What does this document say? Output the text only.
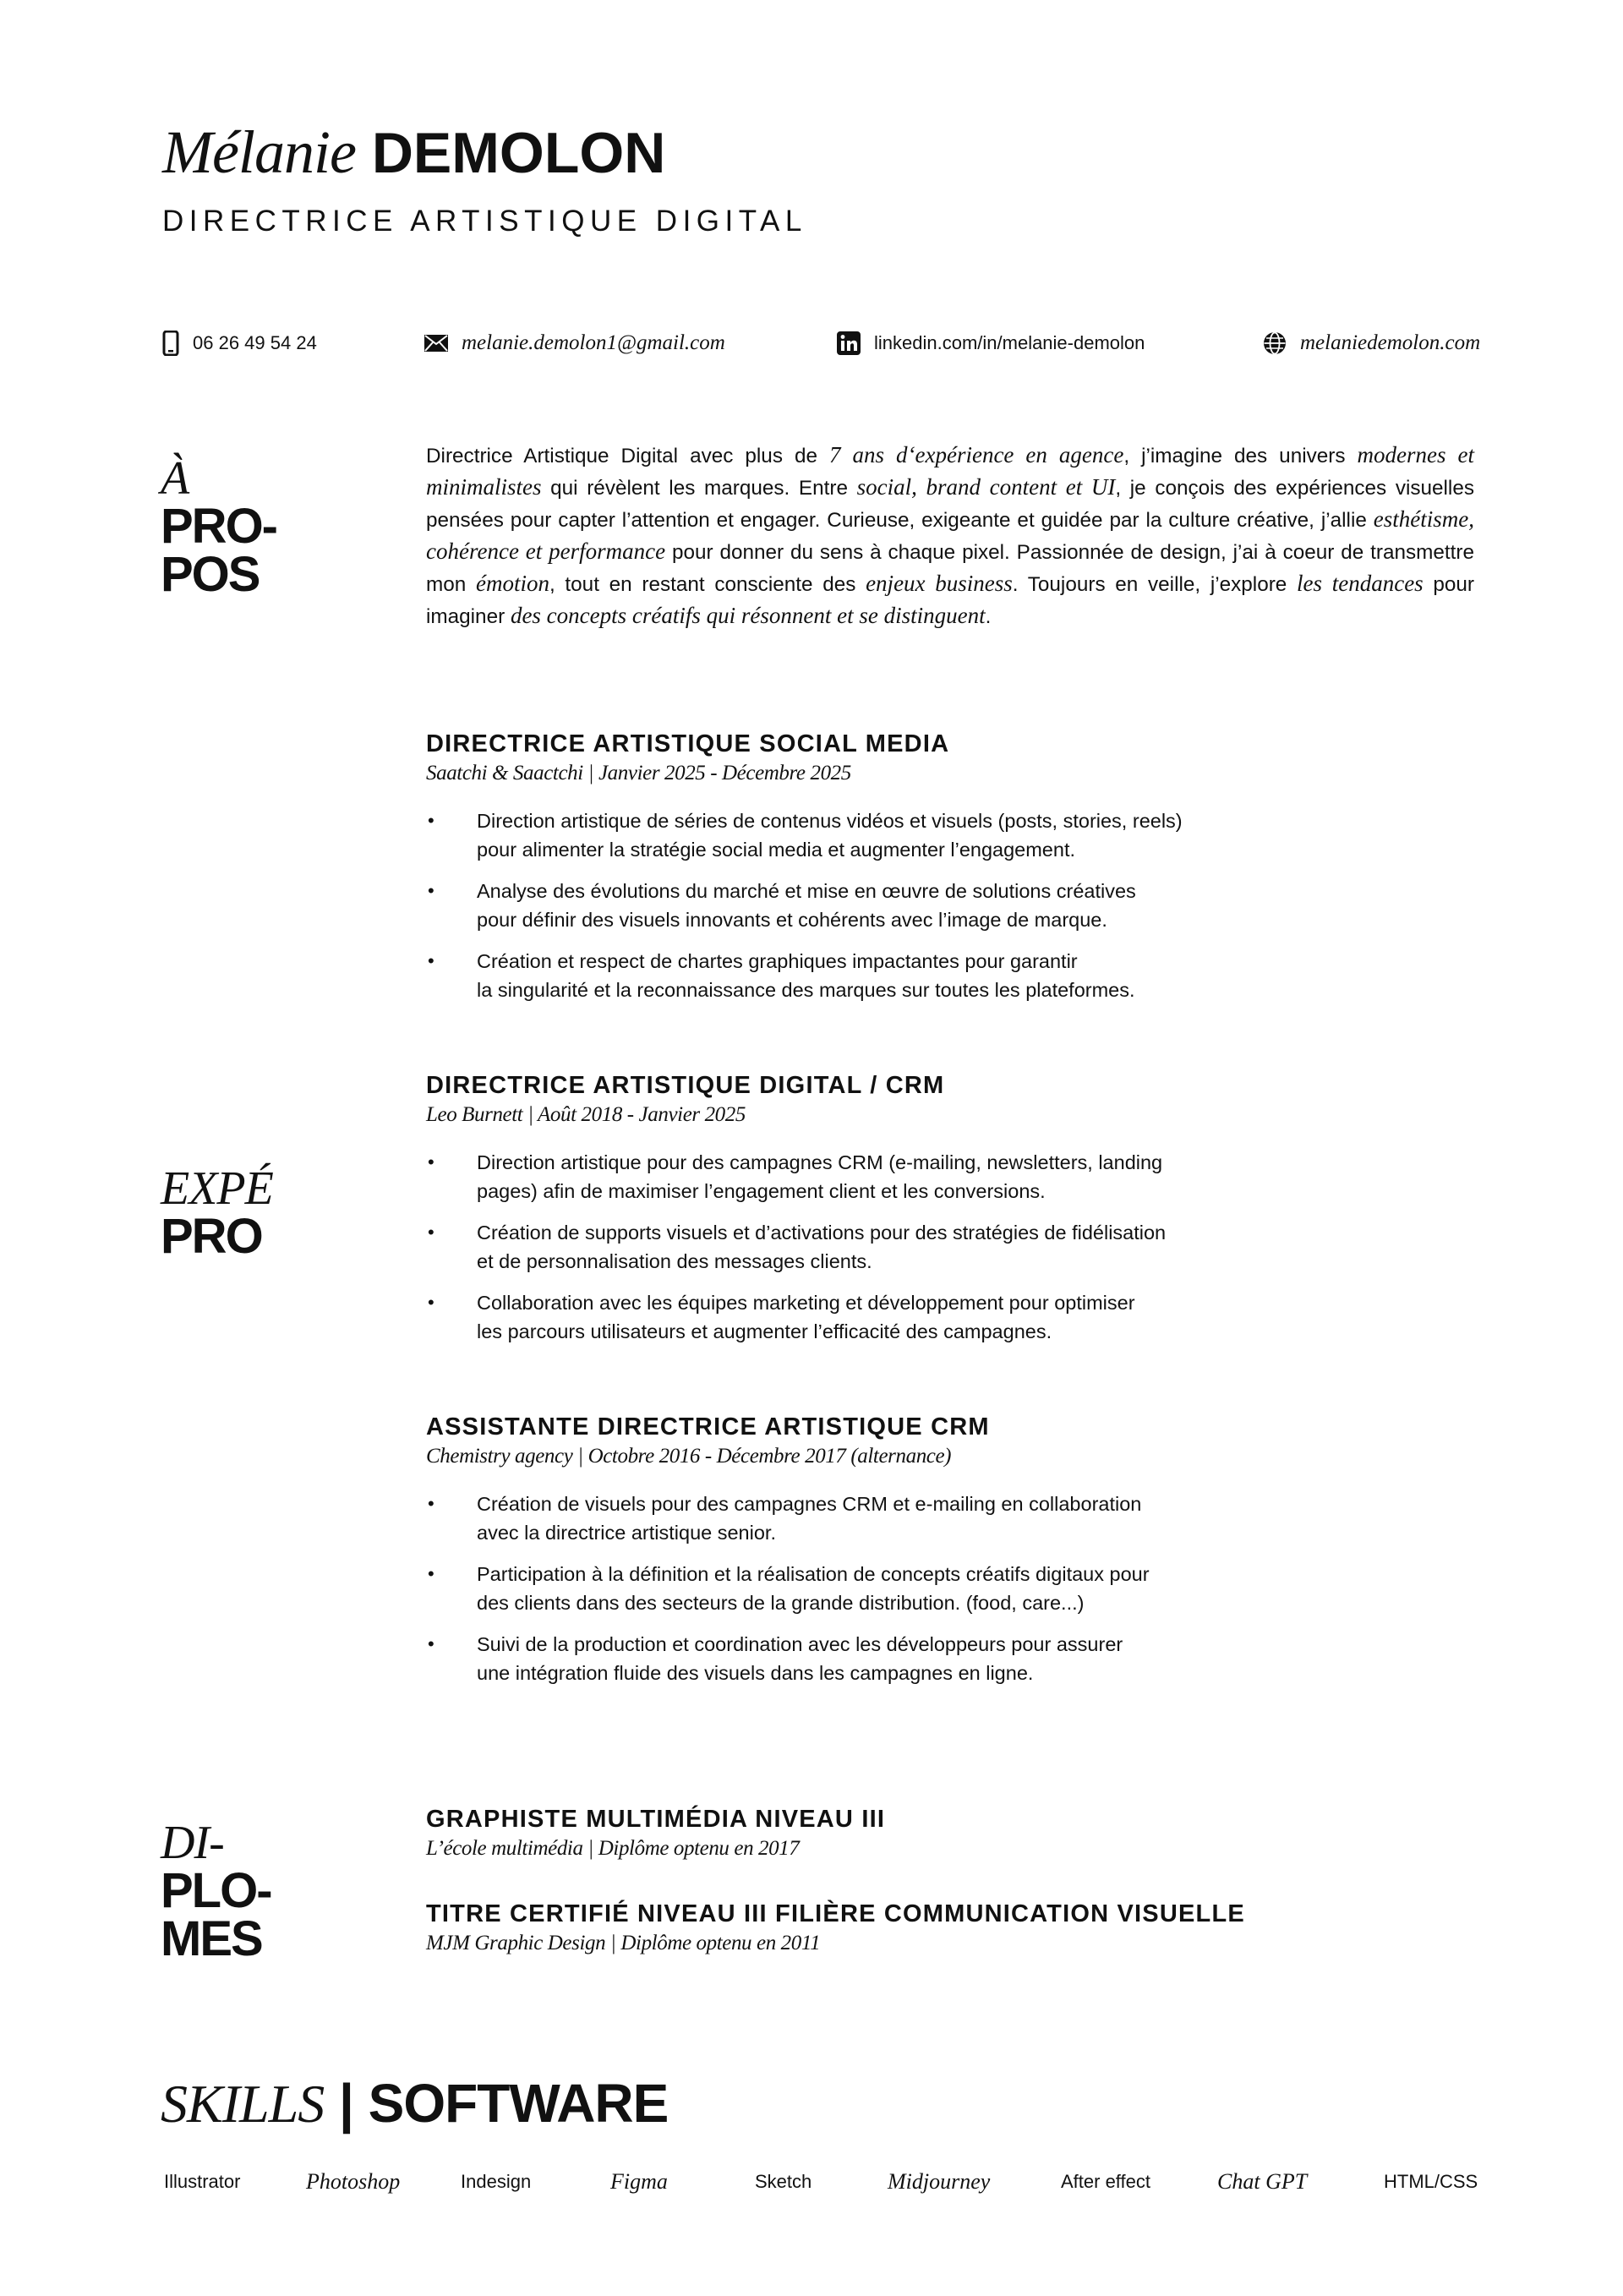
Mélanie DEMOLON
DIRECTRICE ARTISTIQUE DIGITAL
06 26 49 54 24	melanie.demolon1@gmail.com	linkedin.com/in/melanie-demolon	melaniedemolon.com
À
PRO-
POS
Directrice Artistique Digital avec plus de 7 ans d‘expérience en agence, j’imagine des univers modernes et minimalistes qui révèlent les marques. Entre social, brand content et UI, je conçois des expériences visuelles pensées pour capter l’attention et engager. Curieuse, exigeante et guidée par la culture créative, j’allie esthétisme, cohérence et performance pour donner du sens à chaque pixel. Passionnée de design, j’ai à coeur de transmettre mon émotion, tout en restant consciente des enjeux business. Toujours en veille, j’explore les tendances pour imaginer des concepts créatifs qui résonnent et se distinguent.
EXPÉ
PRO
DIRECTRICE ARTISTIQUE SOCIAL MEDIA
Saatchi & Saactchi | Janvier 2025 - Décembre 2025
• Direction artistique de séries de contenus vidéos et visuels (posts, stories, reels)
pour alimenter la stratégie social media et augmenter l’engagement.
• Analyse des évolutions du marché et mise en œuvre de solutions créatives
pour définir des visuels innovants et cohérents avec l’image de marque.
• Création et respect de chartes graphiques impactantes pour garantir
la singularité et la reconnaissance des marques sur toutes les plateformes.
DIRECTRICE ARTISTIQUE DIGITAL / CRM
Leo Burnett | Août 2018 - Janvier 2025
• Direction artistique pour des campagnes CRM (e-mailing, newsletters, landing
pages) afin de maximiser l’engagement client et les conversions.
• Création de supports visuels et d’activations pour des stratégies de fidélisation
et de personnalisation des messages clients.
• Collaboration avec les équipes marketing et développement pour optimiser
les parcours utilisateurs et augmenter l’efficacité des campagnes.
ASSISTANTE DIRECTRICE ARTISTIQUE CRM
Chemistry agency | Octobre 2016 - Décembre 2017 (alternance)
• Création de visuels pour des campagnes CRM et e-mailing en collaboration
avec la directrice artistique senior.
• Participation à la définition et la réalisation de concepts créatifs digitaux pour
des clients dans des secteurs de la grande distribution. (food, care...)
• Suivi de la production et coordination avec les développeurs pour assurer
une intégration fluide des visuels dans les campagnes en ligne.
DI-
PLO-
MES
GRAPHISTE MULTIMÉDIA NIVEAU III
L’école multimédia | Diplôme optenu en 2017
TITRE CERTIFIÉ NIVEAU III FILIÈRE COMMUNICATION VISUELLE
MJM Graphic Design | Diplôme optenu en 2011
SKILLS | SOFTWARE
Illustrator	Photoshop	Indesign	Figma	Sketch	Midjourney	After effect	Chat GPT	HTML/CSS
